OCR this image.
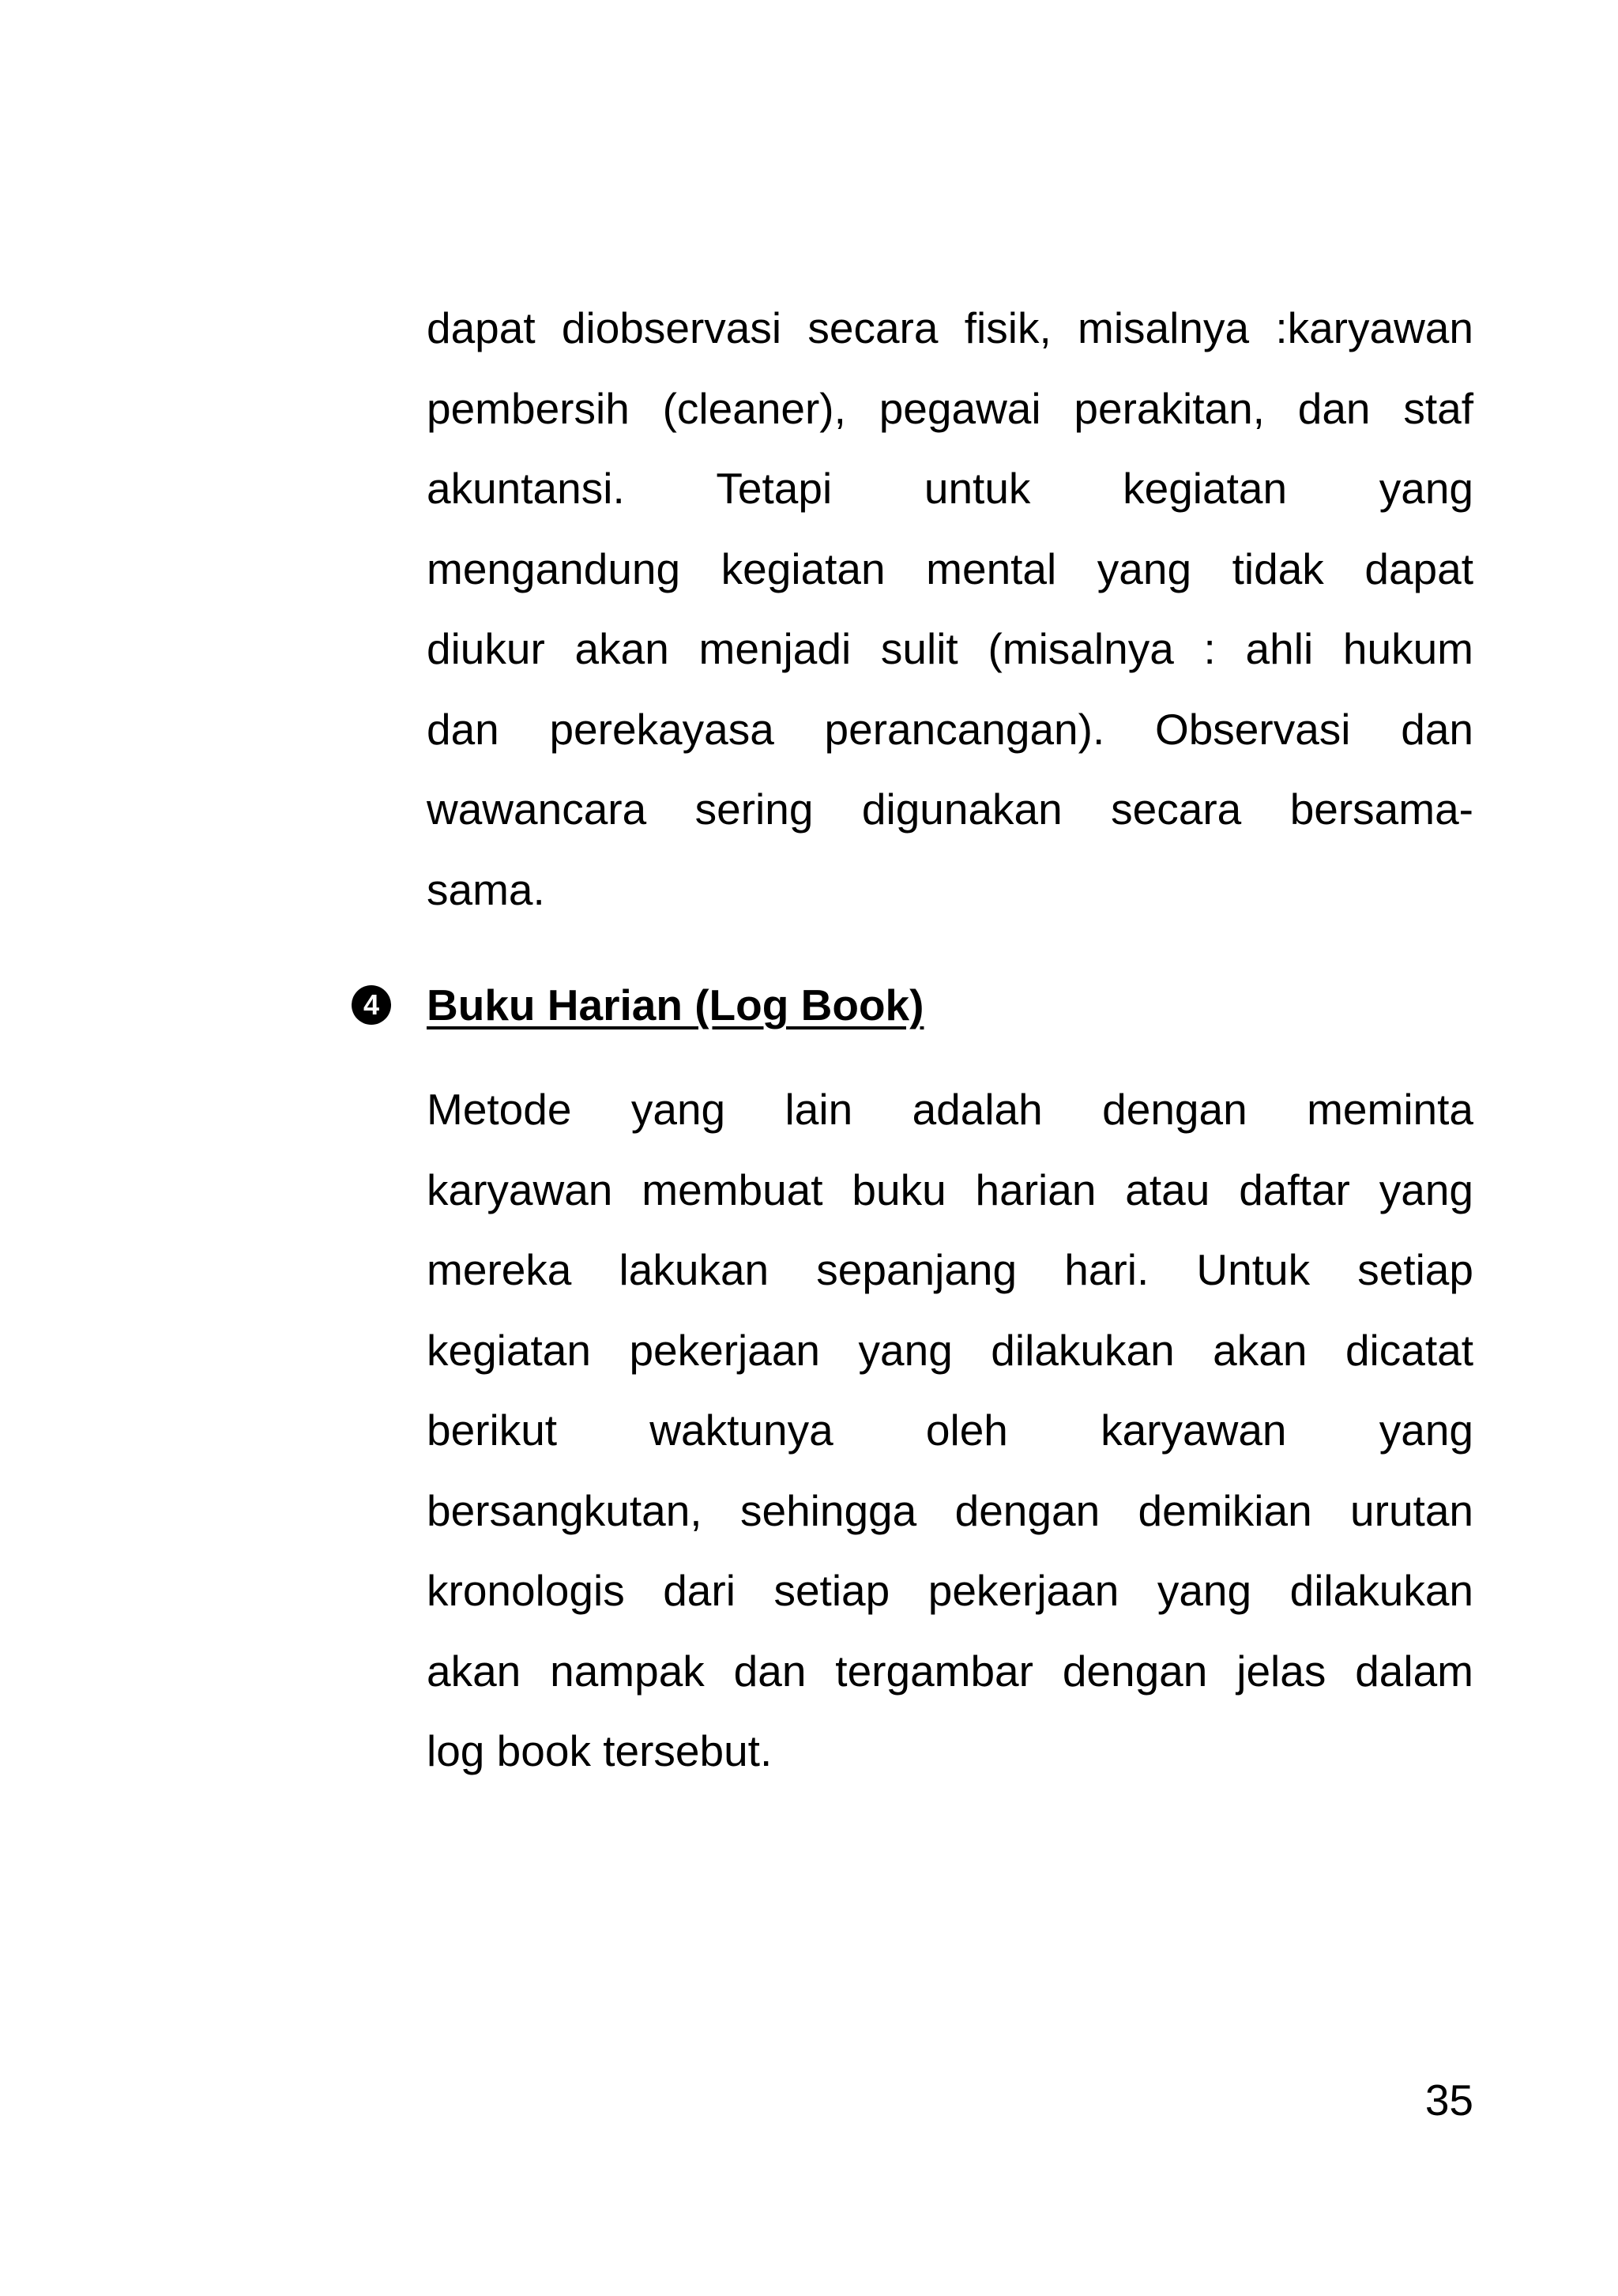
dapat diobservasi secara fisik, misalnya :karyawan
pembersih (cleaner), pegawai perakitan, dan staf
akuntansi. Tetapi untuk kegiatan yang
mengandung kegiatan mental yang tidak dapat
diukur akan menjadi sulit (misalnya : ahli hukum
dan perekayasa perancangan). Observasi dan
wawancara sering digunakan secara bersama-
sama.
4 Buku Harian (Log Book)
Metode yang lain adalah dengan meminta
karyawan membuat buku harian atau daftar yang
mereka lakukan sepanjang hari. Untuk setiap
kegiatan pekerjaan yang dilakukan akan dicatat
berikut waktunya oleh karyawan yang
bersangkutan, sehingga dengan demikian urutan
kronologis dari setiap pekerjaan yang dilakukan
akan nampak dan tergambar dengan jelas dalam
log book tersebut.
35
